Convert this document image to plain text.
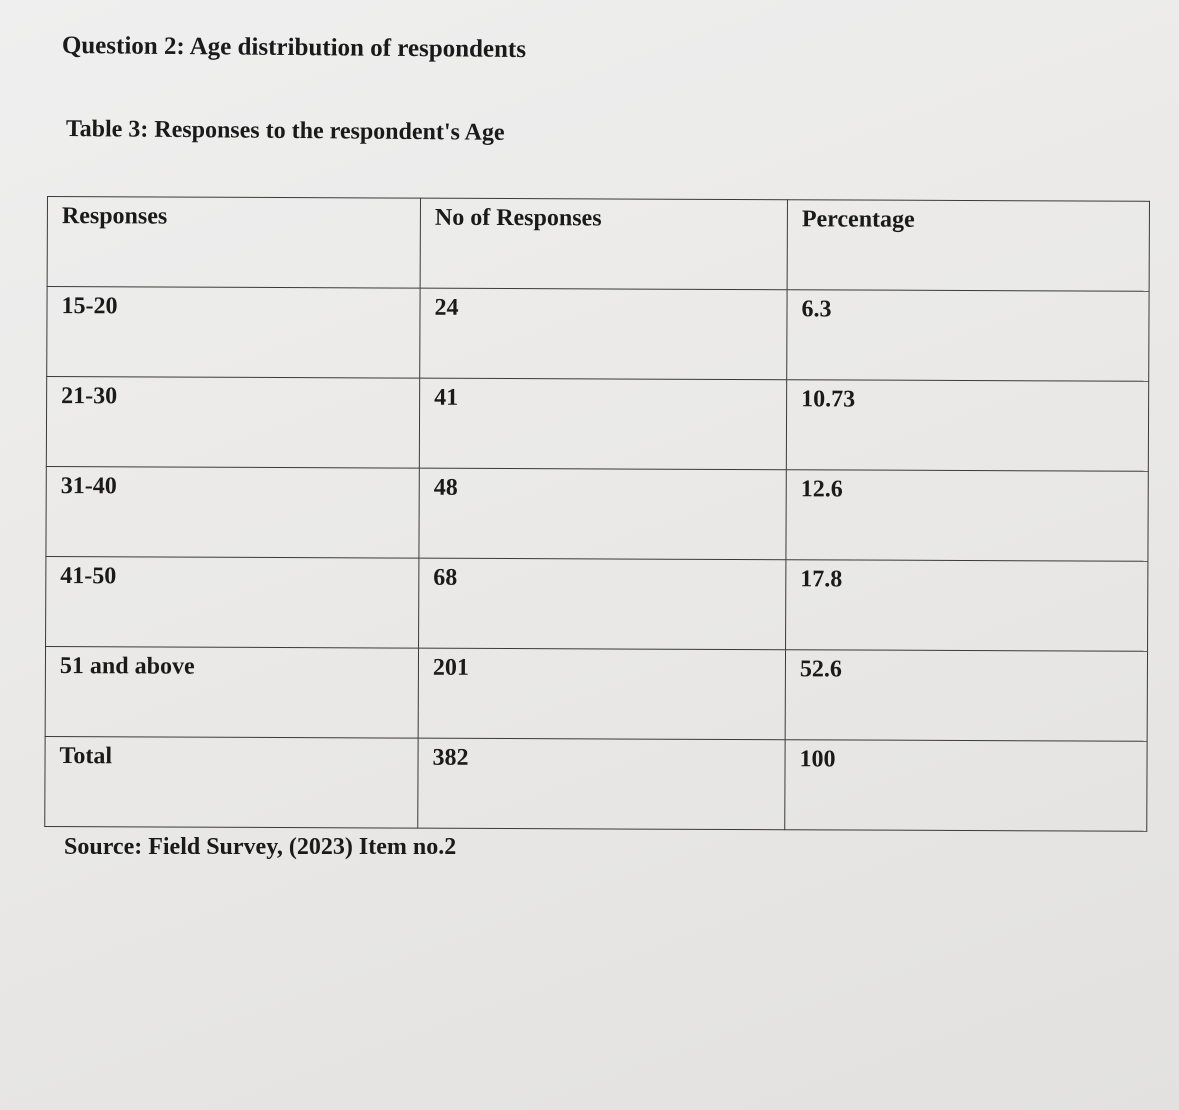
Question 2: Age distribution of respondents
Table 3: Responses to the respondent's Age
Responses	No of Responses	Percentage
15-20	24	6.3
21-30	41	10.73
31-40	48	12.6
41-50	68	17.8
51 and above	201	52.6
Total	382	100
Source: Field Survey, (2023) Item no.2
